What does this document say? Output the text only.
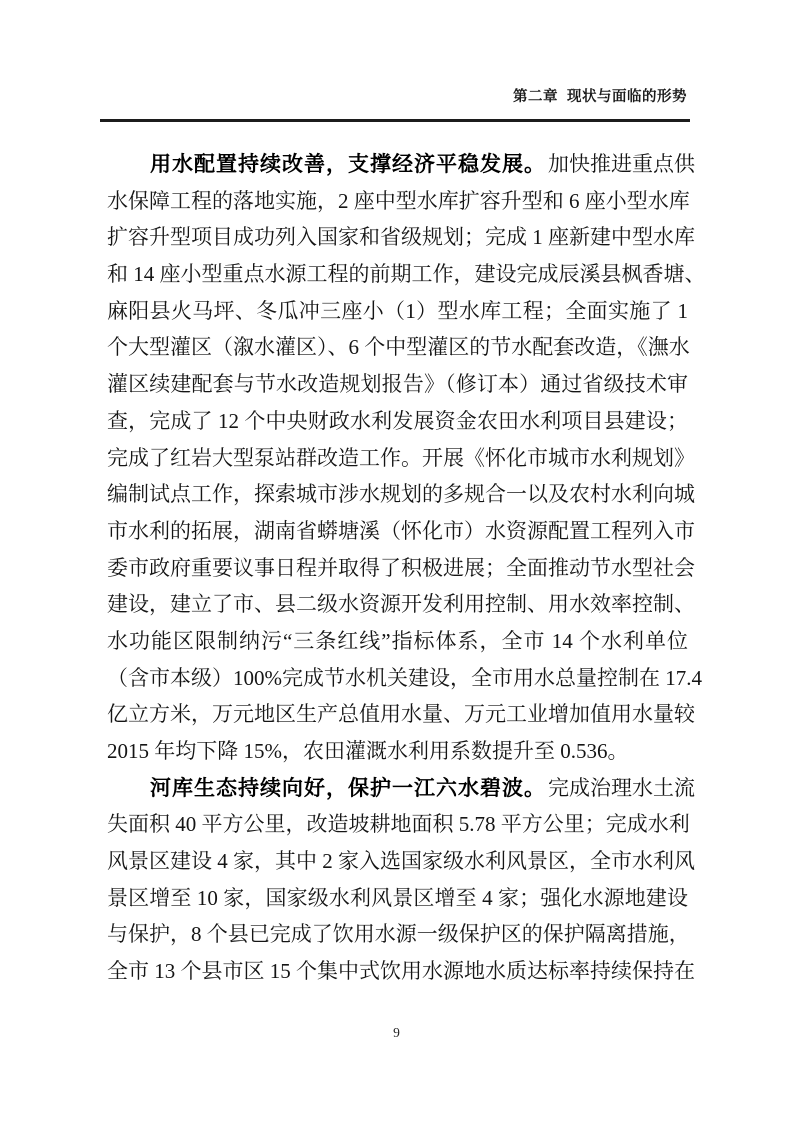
第二章 现状与面临的形势
用水配置持续改善，支撑经济平稳发展。加快推进重点供
水保障工程的落地实施，2 座中型水库扩容升型和 6 座小型水库
扩容升型项目成功列入国家和省级规划；完成 1 座新建中型水库
和 14 座小型重点水源工程的前期工作，建设完成辰溪县枫香塘、
麻阳县火马坪、冬瓜冲三座小（1）型水库工程；全面实施了 1
个大型灌区（溆水灌区）、6 个中型灌区的节水配套改造，《潕水
灌区续建配套与节水改造规划报告》（修订本）通过省级技术审
查，完成了 12 个中央财政水利发展资金农田水利项目县建设；
完成了红岩大型泵站群改造工作。开展《怀化市城市水利规划》
编制试点工作，探索城市涉水规划的多规合一以及农村水利向城
市水利的拓展，湖南省蟒塘溪（怀化市）水资源配置工程列入市
委市政府重要议事日程并取得了积极进展；全面推动节水型社会
建设，建立了市、县二级水资源开发利用控制、用水效率控制、
水功能区限制纳污“三条红线”指标体系，全市 14 个水利单位
（含市本级）100%完成节水机关建设，全市用水总量控制在 17.4
亿立方米，万元地区生产总值用水量、万元工业增加值用水量较
2015 年均下降 15%，农田灌溉水利用系数提升至 0.536。
河库生态持续向好，保护一江六水碧波。完成治理水土流
失面积 40 平方公里，改造坡耕地面积 5.78 平方公里；完成水利
风景区建设 4 家，其中 2 家入选国家级水利风景区，全市水利风
景区增至 10 家，国家级水利风景区增至 4 家；强化水源地建设
与保护，8 个县已完成了饮用水源一级保护区的保护隔离措施，
全市 13 个县市区 15 个集中式饮用水源地水质达标率持续保持在
9
